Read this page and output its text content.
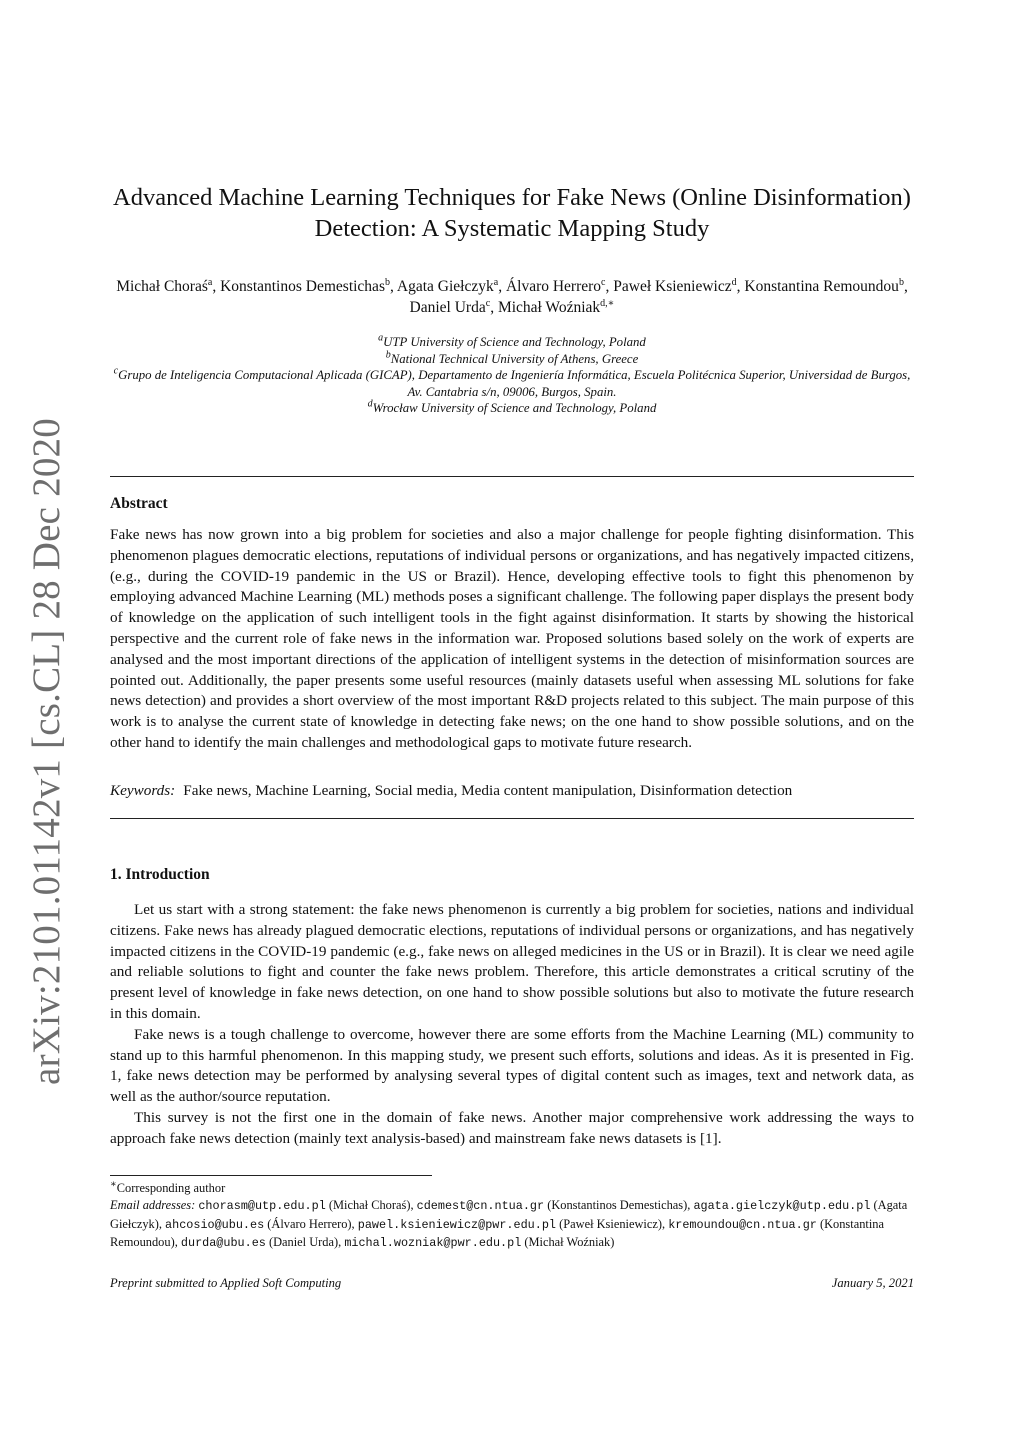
arXiv:2101.01142v1 [cs.CL] 28 Dec 2020
Advanced Machine Learning Techniques for Fake News (Online Disinformation)
Detection: A Systematic Mapping Study
Michał Choraś$^a$, Konstantinos Demestichas$^b$, Agata Giełczyk$^a$, Álvaro Herrero$^c$, Paweł Ksieniewicz$^d$, Konstantina Remoundou$^b$, Daniel Urda$^c$, Michał Woźniak$^{d,∗}$
$^a$UTP University of Science and Technology, Poland
$^b$National Technical University of Athens, Greece
$^c$Grupo de Inteligencia Computacional Aplicada (GICAP), Departamento de Ingeniería Informática, Escuela Politécnica Superior, Universidad de Burgos, Av. Cantabria s/n, 09006, Burgos, Spain.
$^d$Wrocław University of Science and Technology, Poland
Abstract

Fake news has now grown into a big problem for societies and also a major challenge for people fighting disinformation. This phenomenon plagues democratic elections, reputations of individual persons or organizations, and has negatively impacted citizens, (e.g., during the COVID-19 pandemic in the US or Brazil). Hence, developing effective tools to fight this phenomenon by employing advanced Machine Learning (ML) methods poses a significant challenge. The following paper displays the present body of knowledge on the application of such intelligent tools in the fight against disinformation. It starts by showing the historical perspective and the current role of fake news in the information war. Proposed solutions based solely on the work of experts are analysed and the most important directions of the application of intelligent systems in the detection of misinformation sources are pointed out. Additionally, the paper presents some useful resources (mainly datasets useful when assessing ML solutions for fake news detection) and provides a short overview of the most important R&D projects related to this subject. The main purpose of this work is to analyse the current state of knowledge in detecting fake news; on the one hand to show possible solutions, and on the other hand to identify the main challenges and methodological gaps to motivate future research.

Keywords: Fake news, Machine Learning, Social media, Media content manipulation, Disinformation detection
1. Introduction

Let us start with a strong statement: the fake news phenomenon is currently a big problem for societies, nations and individual citizens. Fake news has already plagued democratic elections, reputations of individual persons or organizations, and has negatively impacted citizens in the COVID-19 pandemic (e.g., fake news on alleged medicines in the US or in Brazil). It is clear we need agile and reliable solutions to fight and counter the fake news problem. Therefore, this article demonstrates a critical scrutiny of the present level of knowledge in fake news detection, on one hand to show possible solutions but also to motivate the future research in this domain.

Fake news is a tough challenge to overcome, however there are some efforts from the Machine Learning (ML) community to stand up to this harmful phenomenon. In this mapping study, we present such efforts, solutions and ideas. As it is presented in Fig. 1, fake news detection may be performed by analysing several types of digital content such as images, text and network data, as well as the author/source reputation.

This survey is not the first one in the domain of fake news. Another major comprehensive work addressing the ways to approach fake news detection (mainly text analysis-based) and mainstream fake news datasets is [1].

∗Corresponding author

Email addresses: chorasm@utp.edu.pl (Michał Choraś), cdemest@cn.ntua.gr (Konstantinos Demestichas), agata.gielczyk@utp.edu.pl (Agata Giełczyk), ahcosio@ubu.es (Álvaro Herrero), pawel.ksieniewicz@pwr.edu.pl (Paweł Ksieniewicz), kremoundou@cn.ntua.gr (Konstantina Remoundou), durda@ubu.es (Daniel Urda), michal.wozniak@pwr.edu.pl (Michał Woźniak)

Preprint submitted to Applied Soft Computing	January 5, 2021
